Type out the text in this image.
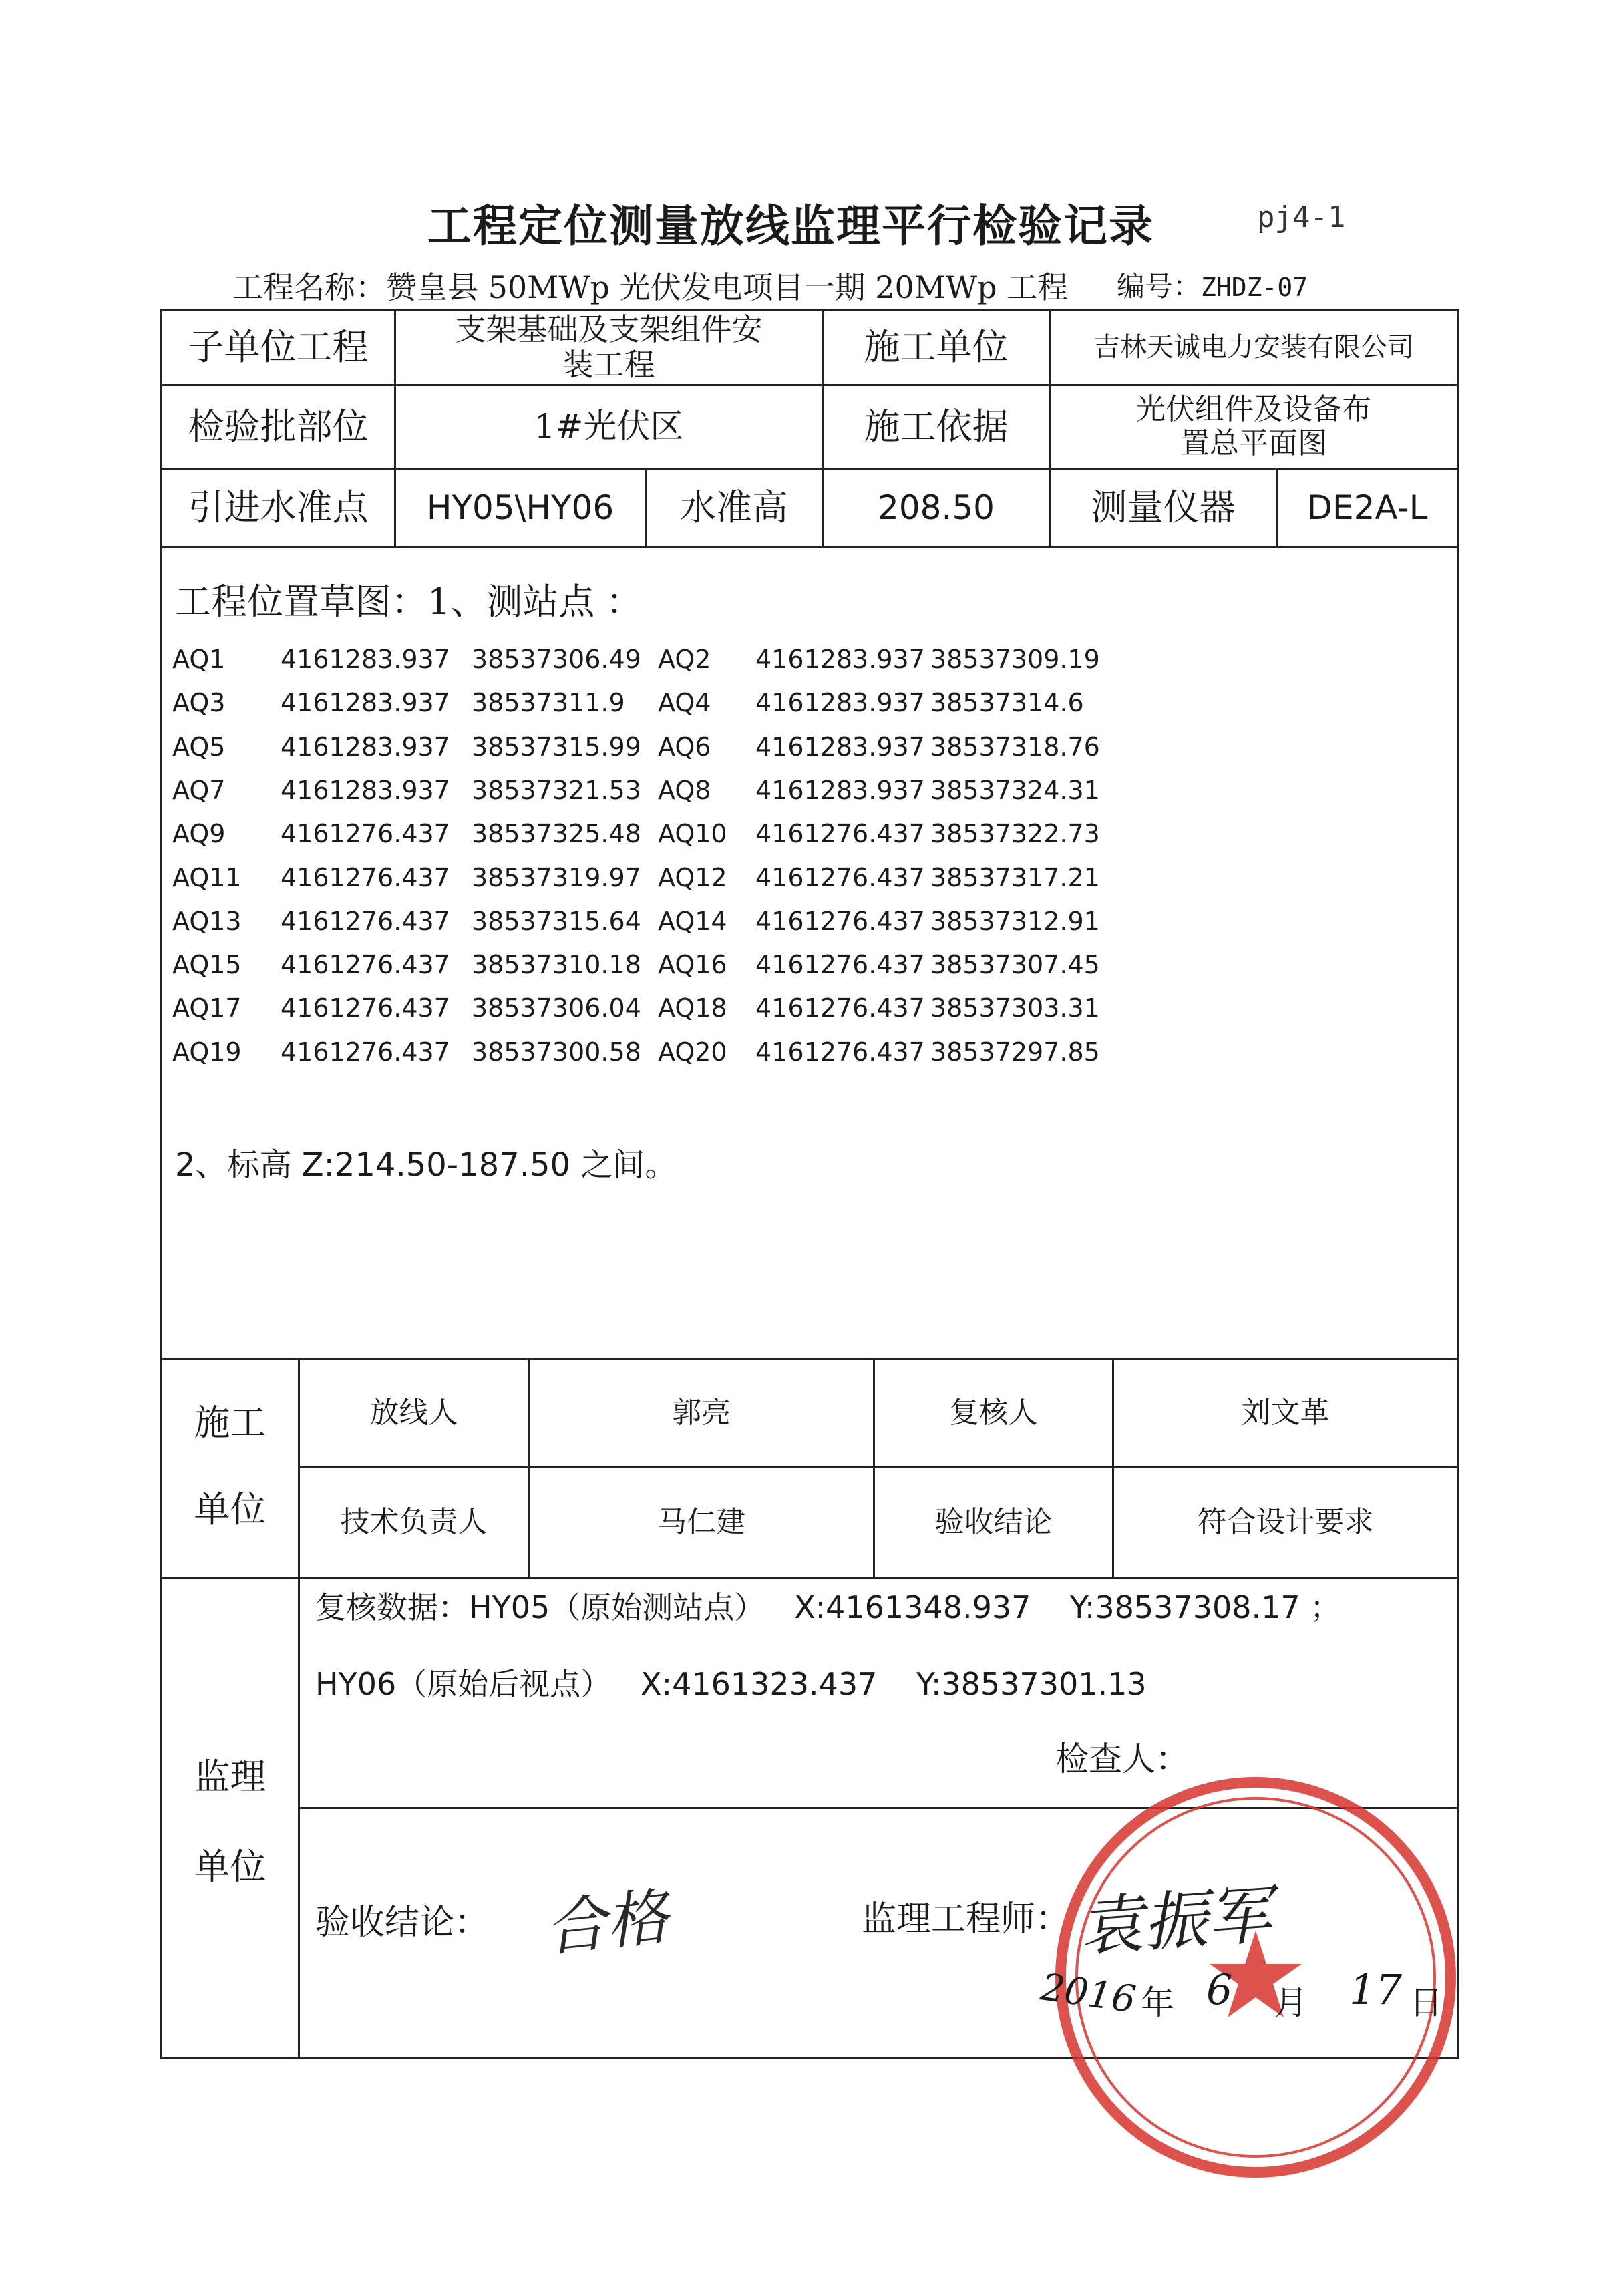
工程定位测量放线监理平行检验记录	pj4-1
工程名称：赞皇县 50MWp 光伏发电项目一期 20MWp 工程 编号：ZHDZ-07
子单位工程	支架基础及支架组件安装工程	施工单位	吉林天诚电力安装有限公司
检验批部位	1#光伏区	施工依据	光伏组件及设备布置总平面图
引进水准点	HY05\HY06	水准高	208.50	测量仪器	DE2A-L
工程位置草图：1、测站点 ：
AQ1 4161283.937 38537306.49 AQ2 4161283.937 38537309.19
AQ3 4161283.937 38537311.9 AQ4 4161283.937 38537314.6
AQ5 4161283.937 38537315.99 AQ6 4161283.937 38537318.76
AQ7 4161283.937 38537321.53 AQ8 4161283.937 38537324.31
AQ9 4161276.437 38537325.48 AQ10 4161276.437 38537322.73
AQ11 4161276.437 38537319.97 AQ12 4161276.437 38537317.21
AQ13 4161276.437 38537315.64 AQ14 4161276.437 38537312.91
AQ15 4161276.437 38537310.18 AQ16 4161276.437 38537307.45
AQ17 4161276.437 38537306.04 AQ18 4161276.437 38537303.31
AQ19 4161276.437 38537300.58 AQ20 4161276.437 38537297.85
2、标高 Z:214.50-187.50 之间。
施工
单位
放线人	郭亮	复核人	刘文革
技术负责人	马仁建	验收结论	符合设计要求
监理
单位
复核数据：HY05（原始测站点）   X:4161348.937    Y:38537308.17 ；
HY06（原始后视点）   X:4161323.437    Y:38537301.13
检查人：
验收结论： 合格	监理工程师： 袁振军
2016 年 6 月 17 日
